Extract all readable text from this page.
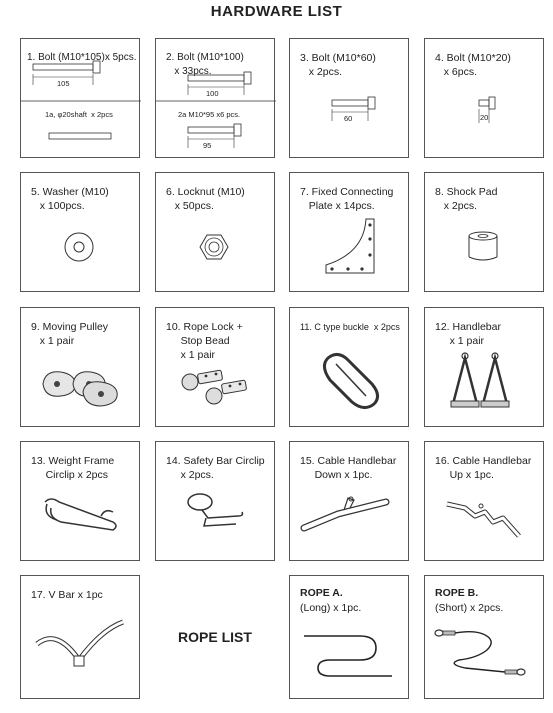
HARDWARE LIST
1. Bolt (M10*105)x 5pcs.
105
1a, φ20shaft  x 2pcs
2. Bolt (M10*100)
x 33pcs.
100
2a M10*95 x6 pcs.
95
3. Bolt (M10*60)
x 2pcs.
60
4. Bolt (M10*20)
x 6pcs.
20
5. Washer (M10)
x 100pcs.
6. Locknut (M10)
x 50pcs.
7. Fixed Connecting
Plate x 14pcs.
8. Shock Pad
x 2pcs.
9. Moving Pulley
x 1 pair
10. Rope Lock +
Stop Bead
x 1 pair
11. C type buckle  x 2pcs	12. Handlebar
x 1 pair
13. Weight Frame
Circlip x 2pcs
14. Safety Bar Circlip
x 2pcs.
15. Cable Handlebar
Down x 1pc.
16. Cable Handlebar
Up x 1pc.
17. V Bar x 1pc
ROPE LIST
ROPE A.
(Long) x 1pc.
ROPE B.
(Short) x 2pcs.
